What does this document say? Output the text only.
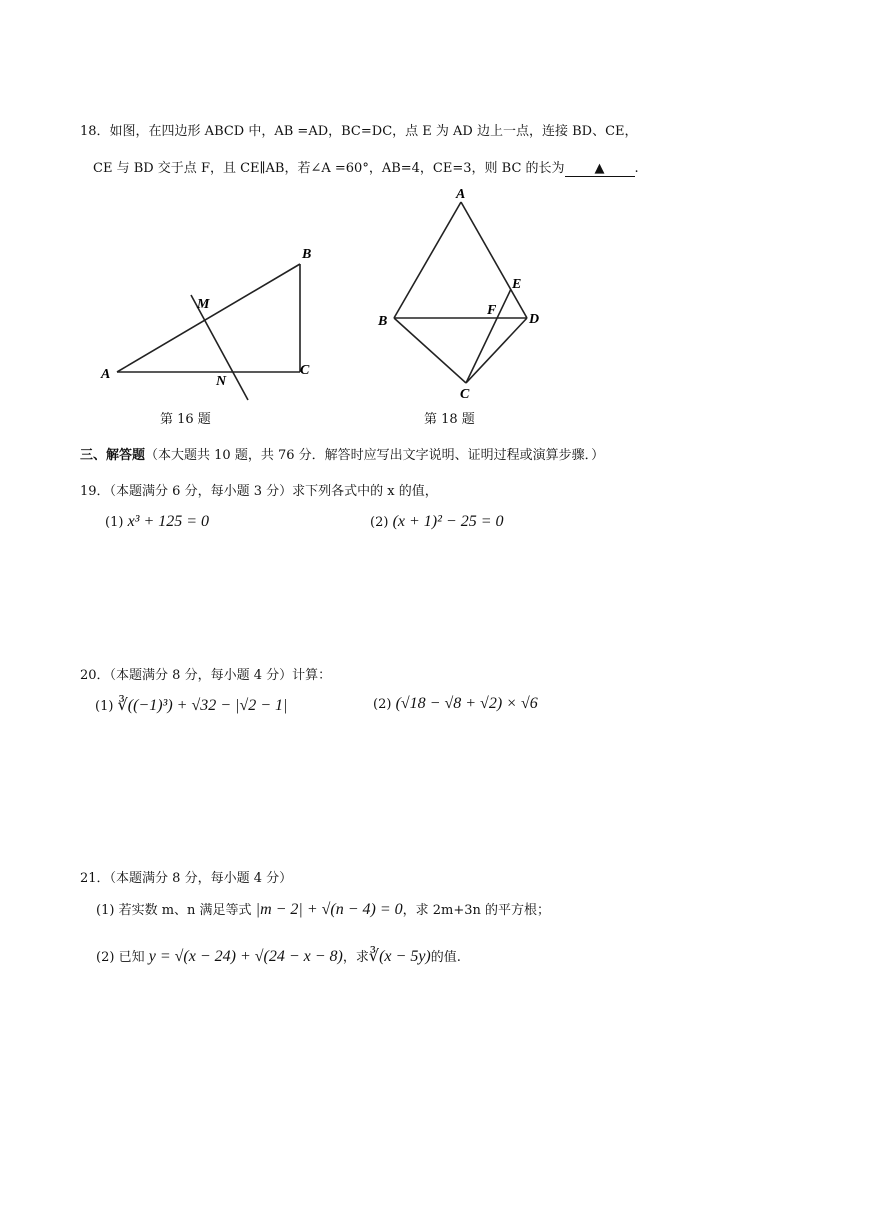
18．如图，在四边形 ABCD 中，AB =AD，BC=DC，点 E 为 AD 边上一点，连接 BD、CE，
CE 与 BD 交于点 F，且 CE∥AB，若∠A =60°，AB=4，CE=3，则 BC 的长为 ▲ .
A
B
C
M
N
第 16 题
A
B
C
D
E
F
第 18 题
三、解答题（本大题共 10 题，共 76 分．解答时应写出文字说明、证明过程或演算步骤．）
19．（本题满分 6 分，每小题 3 分）求下列各式中的 x 的值，
(1) x³ + 125 = 0	(2) (x + 1)² − 25 = 0
20．（本题满分 8 分，每小题 4 分）计算：
(1) ∛((−1)³) + √32 − |√2 − 1|	(2) (√18 − √8 + √2) × √6
21．（本题满分 8 分，每小题 4 分）
(1) 若实数 m、n 满足等式 |m − 2| + √(n − 4) = 0，求 2m+3n 的平方根；
(2) 已知 y = √(x − 24) + √(24 − x − 8)，求∛(x − 5y)的值.
